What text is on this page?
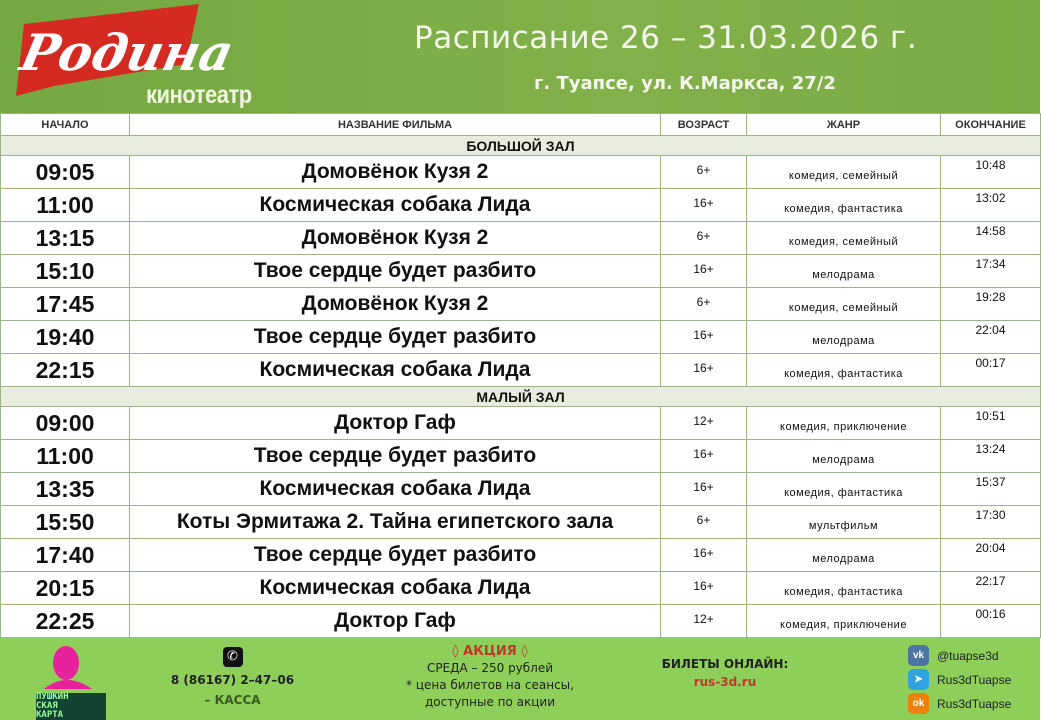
Родина
кинотеатр
Расписание 26 – 31.03.2026 г.
г. Туапсе, ул. К.Маркса, 27/2
НАЧАЛО	НАЗВАНИЕ ФИЛЬМА	ВОЗРАСТ	ЖАНР	ОКОНЧАНИЕ
БОЛЬШОЙ ЗАЛ				
09:05	Домовёнок Кузя 2	6+	комедия, семейный	10:48
11:00	Космическая собака Лида	16+	комедия, фантастика	13:02
13:15	Домовёнок Кузя 2	6+	комедия, семейный	14:58
15:10	Твое сердце будет разбито	16+	мелодрама	17:34
17:45	Домовёнок Кузя 2	6+	комедия, семейный	19:28
19:40	Твое сердце будет разбито	16+	мелодрама	22:04
22:15	Космическая собака Лида	16+	комедия, фантастика	00:17
МАЛЫЙ ЗАЛ				
09:00	Доктор Гаф	12+	комедия, приключение	10:51
11:00	Твое сердце будет разбито	16+	мелодрама	13:24
13:35	Космическая собака Лида	16+	комедия, фантастика	15:37
15:50	Коты Эрмитажа 2. Тайна египетского зала	6+	мультфильм	17:30
17:40	Твое сердце будет разбито	16+	мелодрама	20:04
20:15	Космическая собака Лида	16+	комедия, фантастика	22:17
22:25	Доктор Гаф	12+	комедия, приключение	00:16
ПУШКИН
СКАЯ
КАРТА
✆
8 (86167) 2–47–06
– КАССА
◊ АКЦИЯ ◊
СРЕДА – 250 рублей
* цена билетов на сеансы,
доступные по акции
БИЛЕТЫ ОНЛАЙН:
rus-3d.ru
vk	@tuapse3d
➤	Rus3dTuapse
ok	Rus3dTuapse
